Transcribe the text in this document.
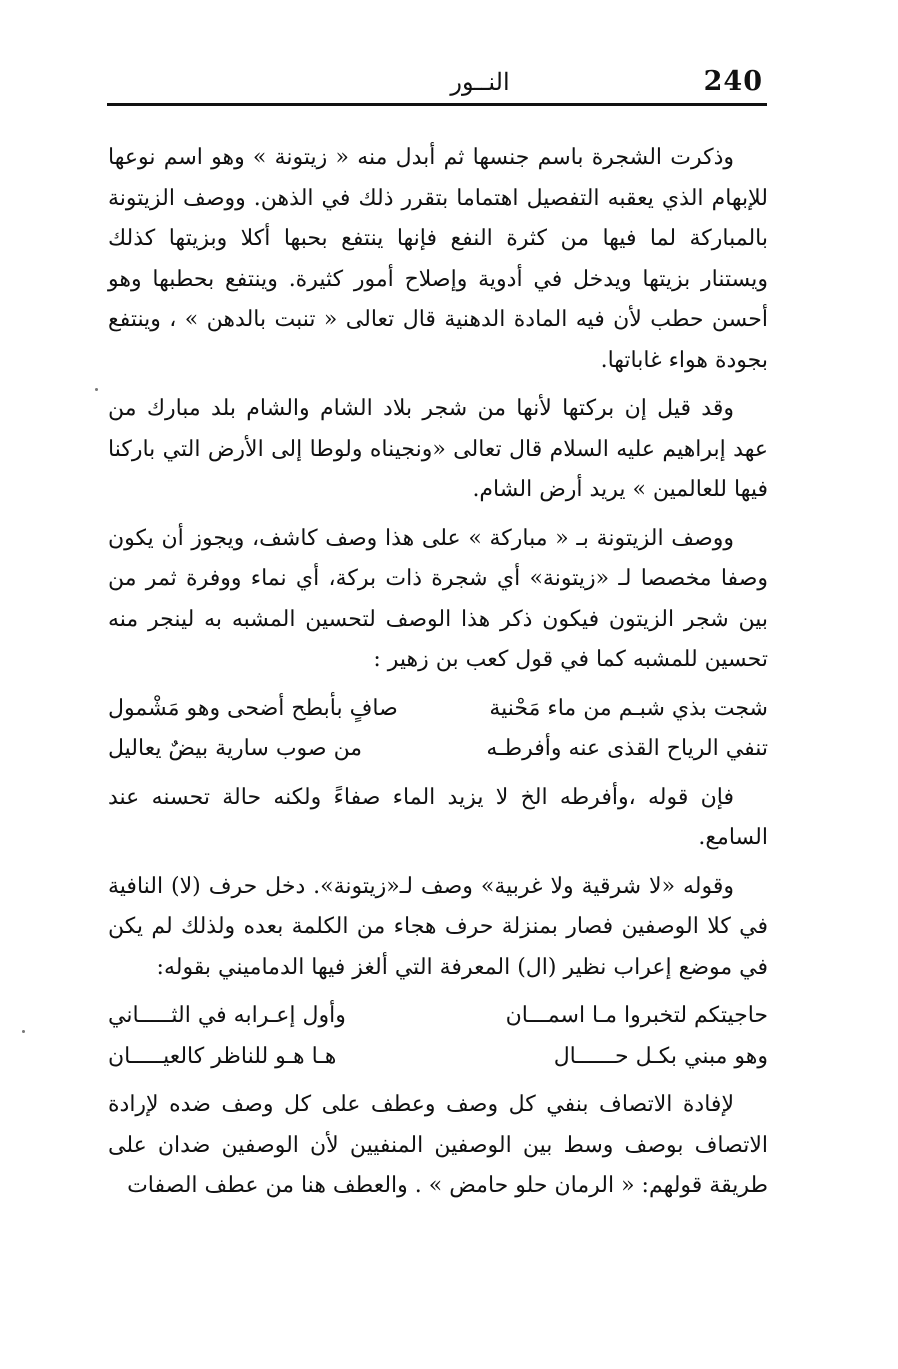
النــور	240

وذكرت الشجرة باسم جنسها ثم أبدل منه « زيتونة » وهو اسم نوعها للإبهام الذي يعقبه التفصيل اهتماما بتقرر ذلك في الذهن. ووصف الزيتونة بالمباركة لما فيها من كثرة النفع فإنها ينتفع بحبها أكلا وبزيتها كذلك ويستنار بزيتها ويدخل في أدوية وإصلاح أمور كثيرة. وينتفع بحطبها وهو أحسن حطب لأن فيه المادة الدهنية قال تعالى « تنبت بالدهن » ، وينتفع بجودة هواء غاباتها.

وقد قيل إن بركتها لأنها من شجر بلاد الشام والشام بلد مبارك من عهد إبراهيم عليه السلام قال تعالى «ونجيناه ولوطا إلى الأرض التي باركنا فيها للعالمين » يريد أرض الشام.

ووصف الزيتونة بـ « مباركة » على هذا وصف كاشف، ويجوز أن يكون وصفا مخصصا لـ «زيتونة» أي شجرة ذات بركة، أي نماء ووفرة ثمر من بين شجر الزيتون فيكون ذكر هذا الوصف لتحسين المشبه به لينجر منه تحسين للمشبه كما في قول كعب بن زهير :

شجت بذي شبـم من ماء مَحْنية
صافٍ بأبطح أضحى وهو مَشْمول
تنفي الرياح القذى عنه وأفرطـه
من صوب سارية بيضٌ يعاليل

فإن قوله ،وأفرطه الخ لا يزيد الماء صفاءً ولكنه حالة تحسنه عند السامع.

وقوله «لا شرقية ولا غربية» وصف لـ«زيتونة». دخل حرف (لا) النافية في كلا الوصفين فصار بمنزلة حرف هجاء من الكلمة بعده ولذلك لم يكن في موضع إعراب نظير (ال) المعرفة التي ألغز فيها الدماميني بقوله:

حاجيتكم لتخبروا مـا اسمـــان
وأول إعـرابه في الثـــــاني
وهو مبني بكـل حــــــال
هـا هـو للناظر كالعيـــــان

لإفادة الاتصاف بنفي كل وصف وعطف على كل وصف ضده لإرادة الاتصاف بوصف وسط بين الوصفين المنفيين لأن الوصفين ضدان على طريقة قولهم: « الرمان حلو حامض » . والعطف هنا من عطف الصفات
